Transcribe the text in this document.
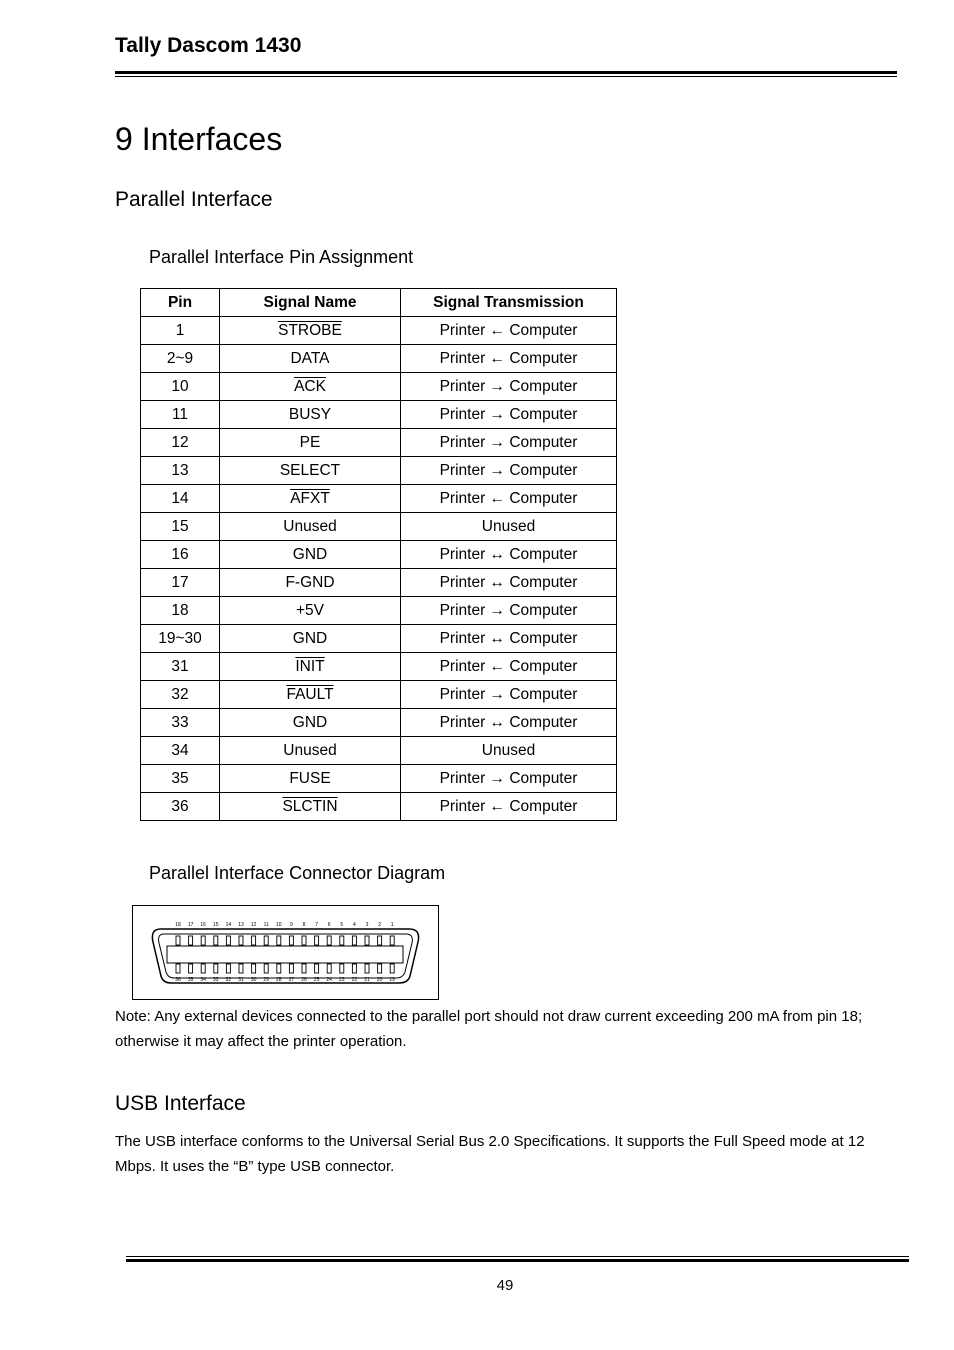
Tally Dascom 1430
9 Interfaces
Parallel Interface
Parallel Interface Pin Assignment
Pin	Signal Name	Signal Transmission
1	STROBE	Printer ← Computer
2~9	DATA	Printer ← Computer
10	$\overline{ACK}$	Printer → Computer
11	BUSY	Printer → Computer
12	PE	Printer → Computer
13	SELECT	Printer → Computer
14	AFXT	Printer ← Computer
15	Unused	Unused
16	GND	Printer ↔ Computer
17	F-GND	Printer ↔ Computer
18	+5V	Printer → Computer
19~30	GND	Printer ↔ Computer
31	INIT	Printer ← Computer
32	FAULT	Printer → Computer
33	GND	Printer ↔ Computer
34	Unused	Unused
35	FUSE	Printer → Computer
36	SLCTIN	Printer ← Computer
Parallel Interface Connector Diagram
18 17 16 15 14 13 12 11 10 9 8 7 6 5 4 3 2 1
36 35 34 33 32 31 30 29 28 27 26 25 24 23 22 21 20 19
Note: Any external devices connected to the parallel port should not draw current exceeding 200 mA from pin 18; otherwise it may affect the printer operation.
USB Interface
The USB interface conforms to the Universal Serial Bus 2.0 Specifications. It supports the Full Speed mode at 12 Mbps. It uses the “B” type USB connector.
49
